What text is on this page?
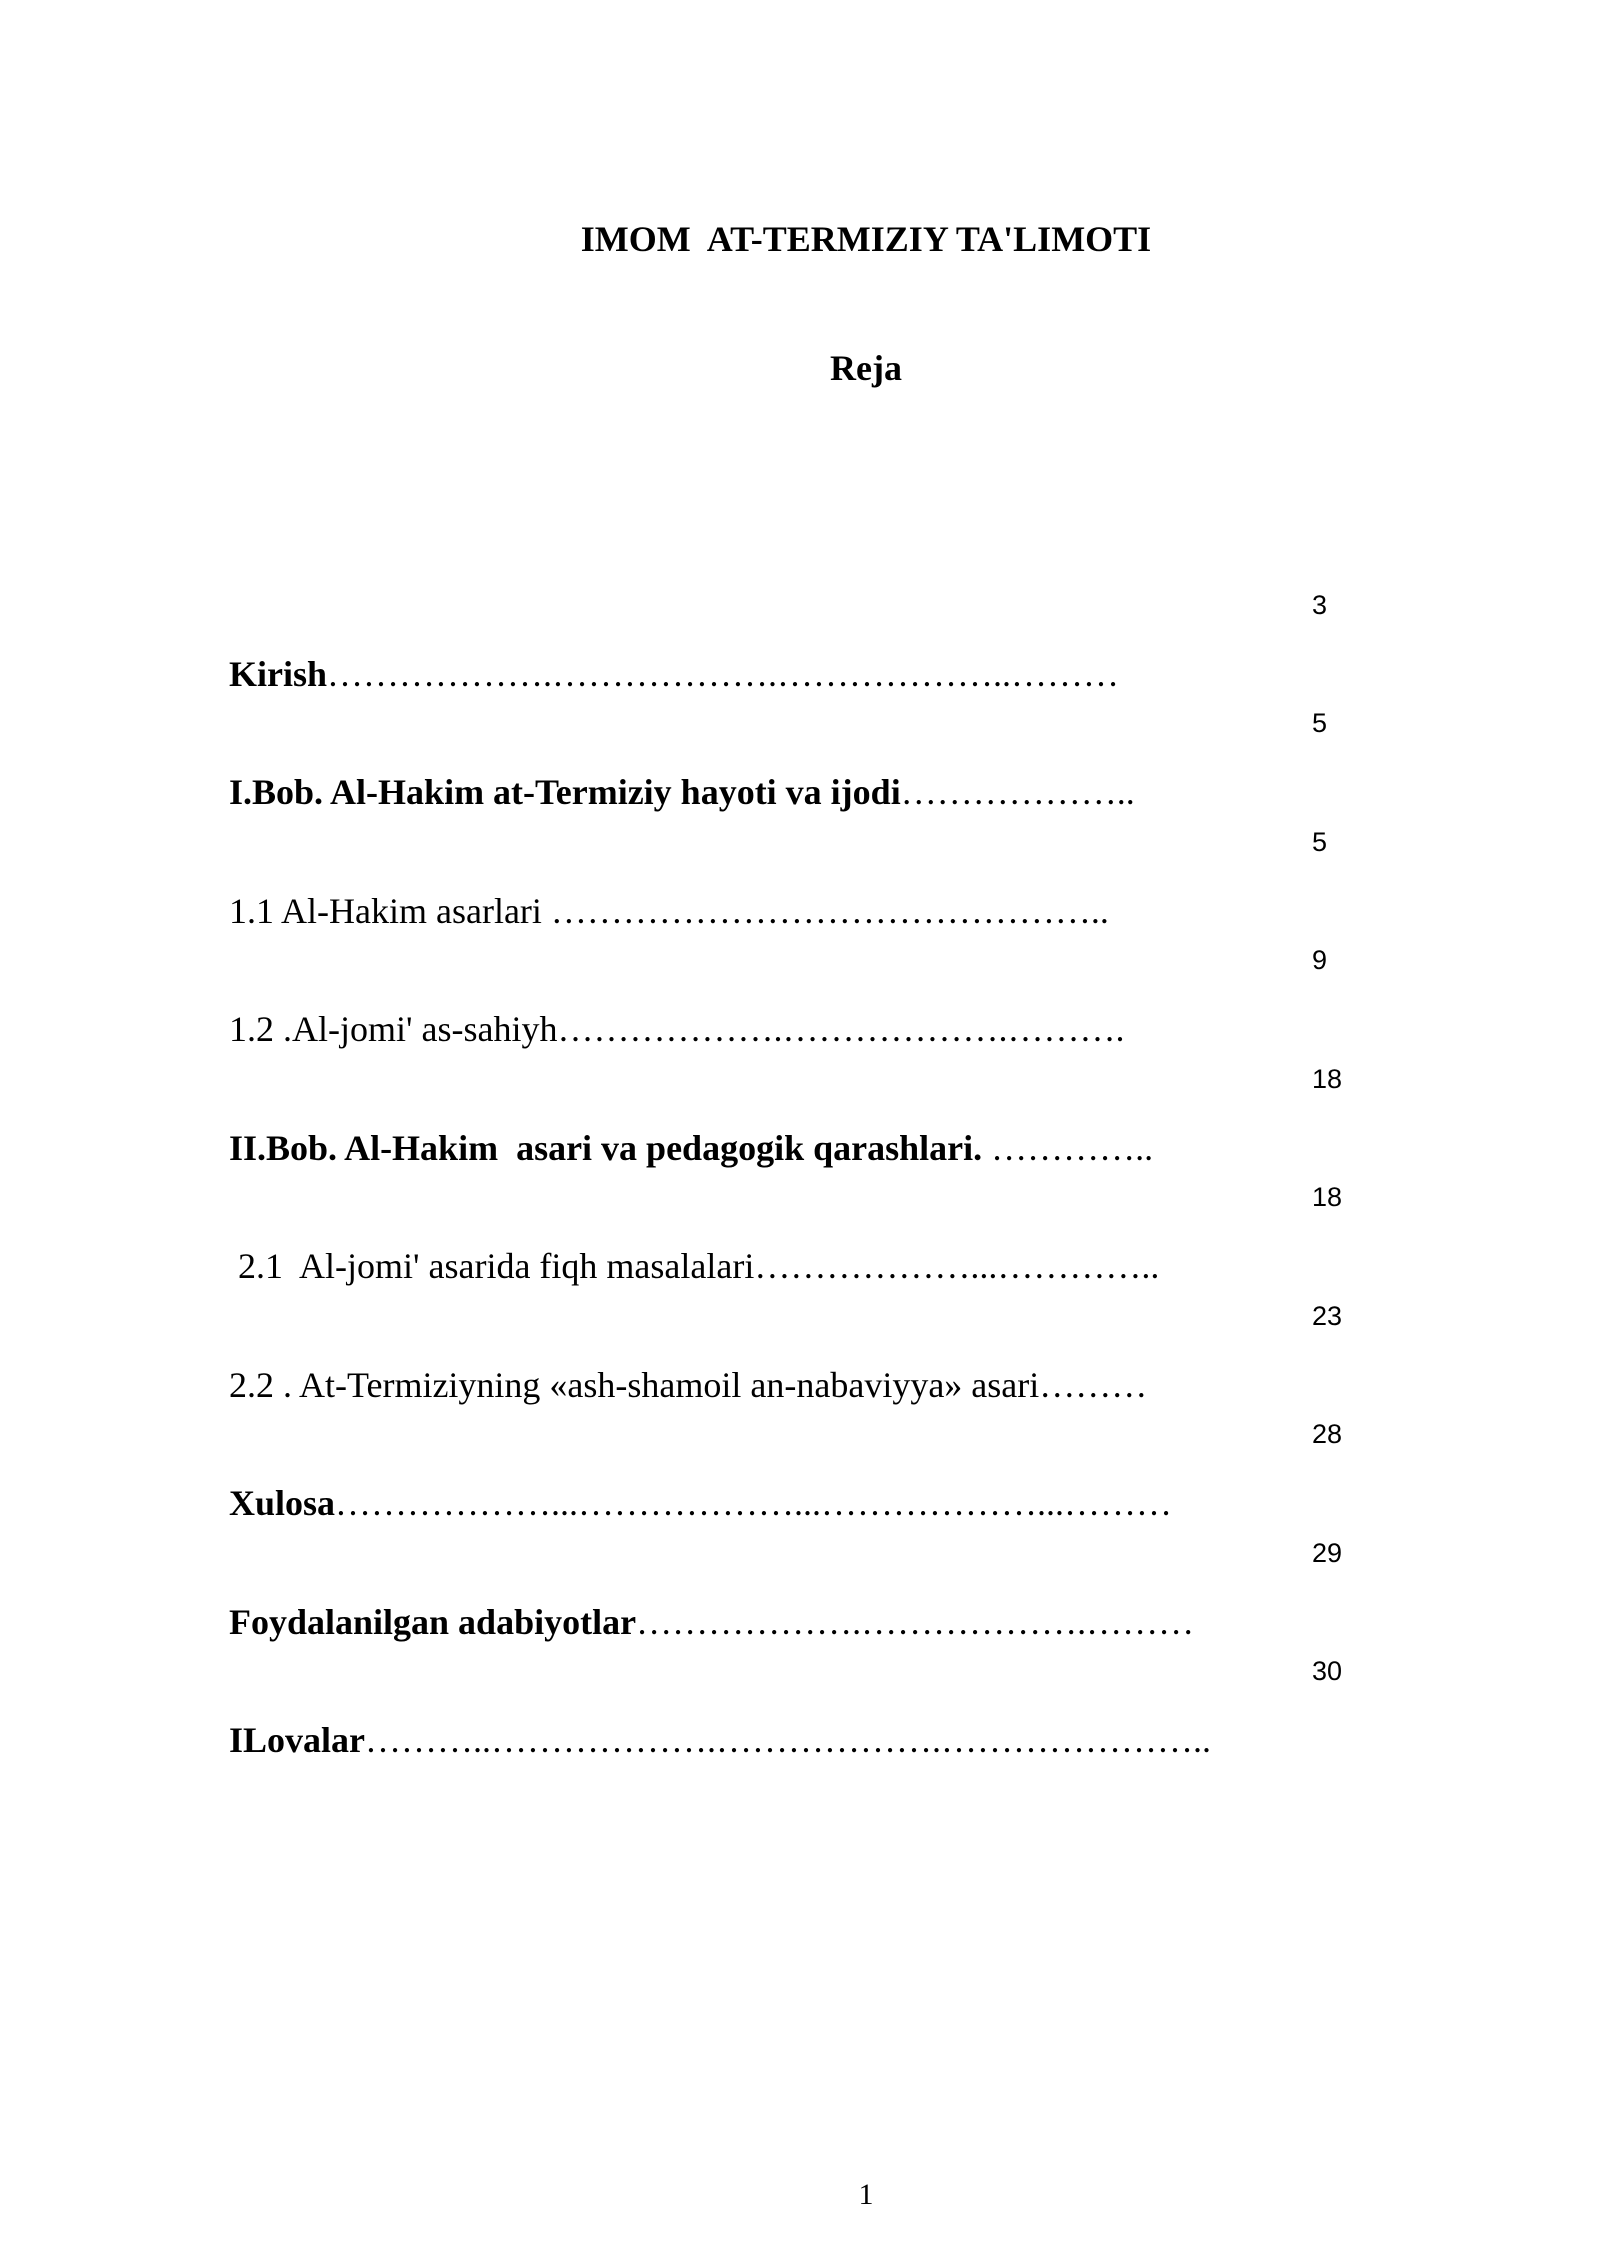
IMOM  AT-TERMIZIY TA'LIMOTI
Reja
3
Kirish……………….……………….………………..………
5
I.Bob. Al-Hakim at-Termiziy hayoti va ijodi………………..
5
1.1 Al-Hakim asarlari ………………………………………..
9
1.2 .Al-jomi' as-sahiyh……………….……………….……….
18
II.Bob. Al-Hakim  asari va pedagogik qarashlari. …………..
18
2.1  Al-jomi' asarida fiqh masalalari………………...…………..
23
2.2 . At-Termiziyning «ash-shamoil an-nabaviyya» asari………
28
Xulosa………………...………………...………………...………
29
Foydalanilgan adabiyotlar……………….……………….………
30
ILovalar………..……………….……………….…………………..
1
